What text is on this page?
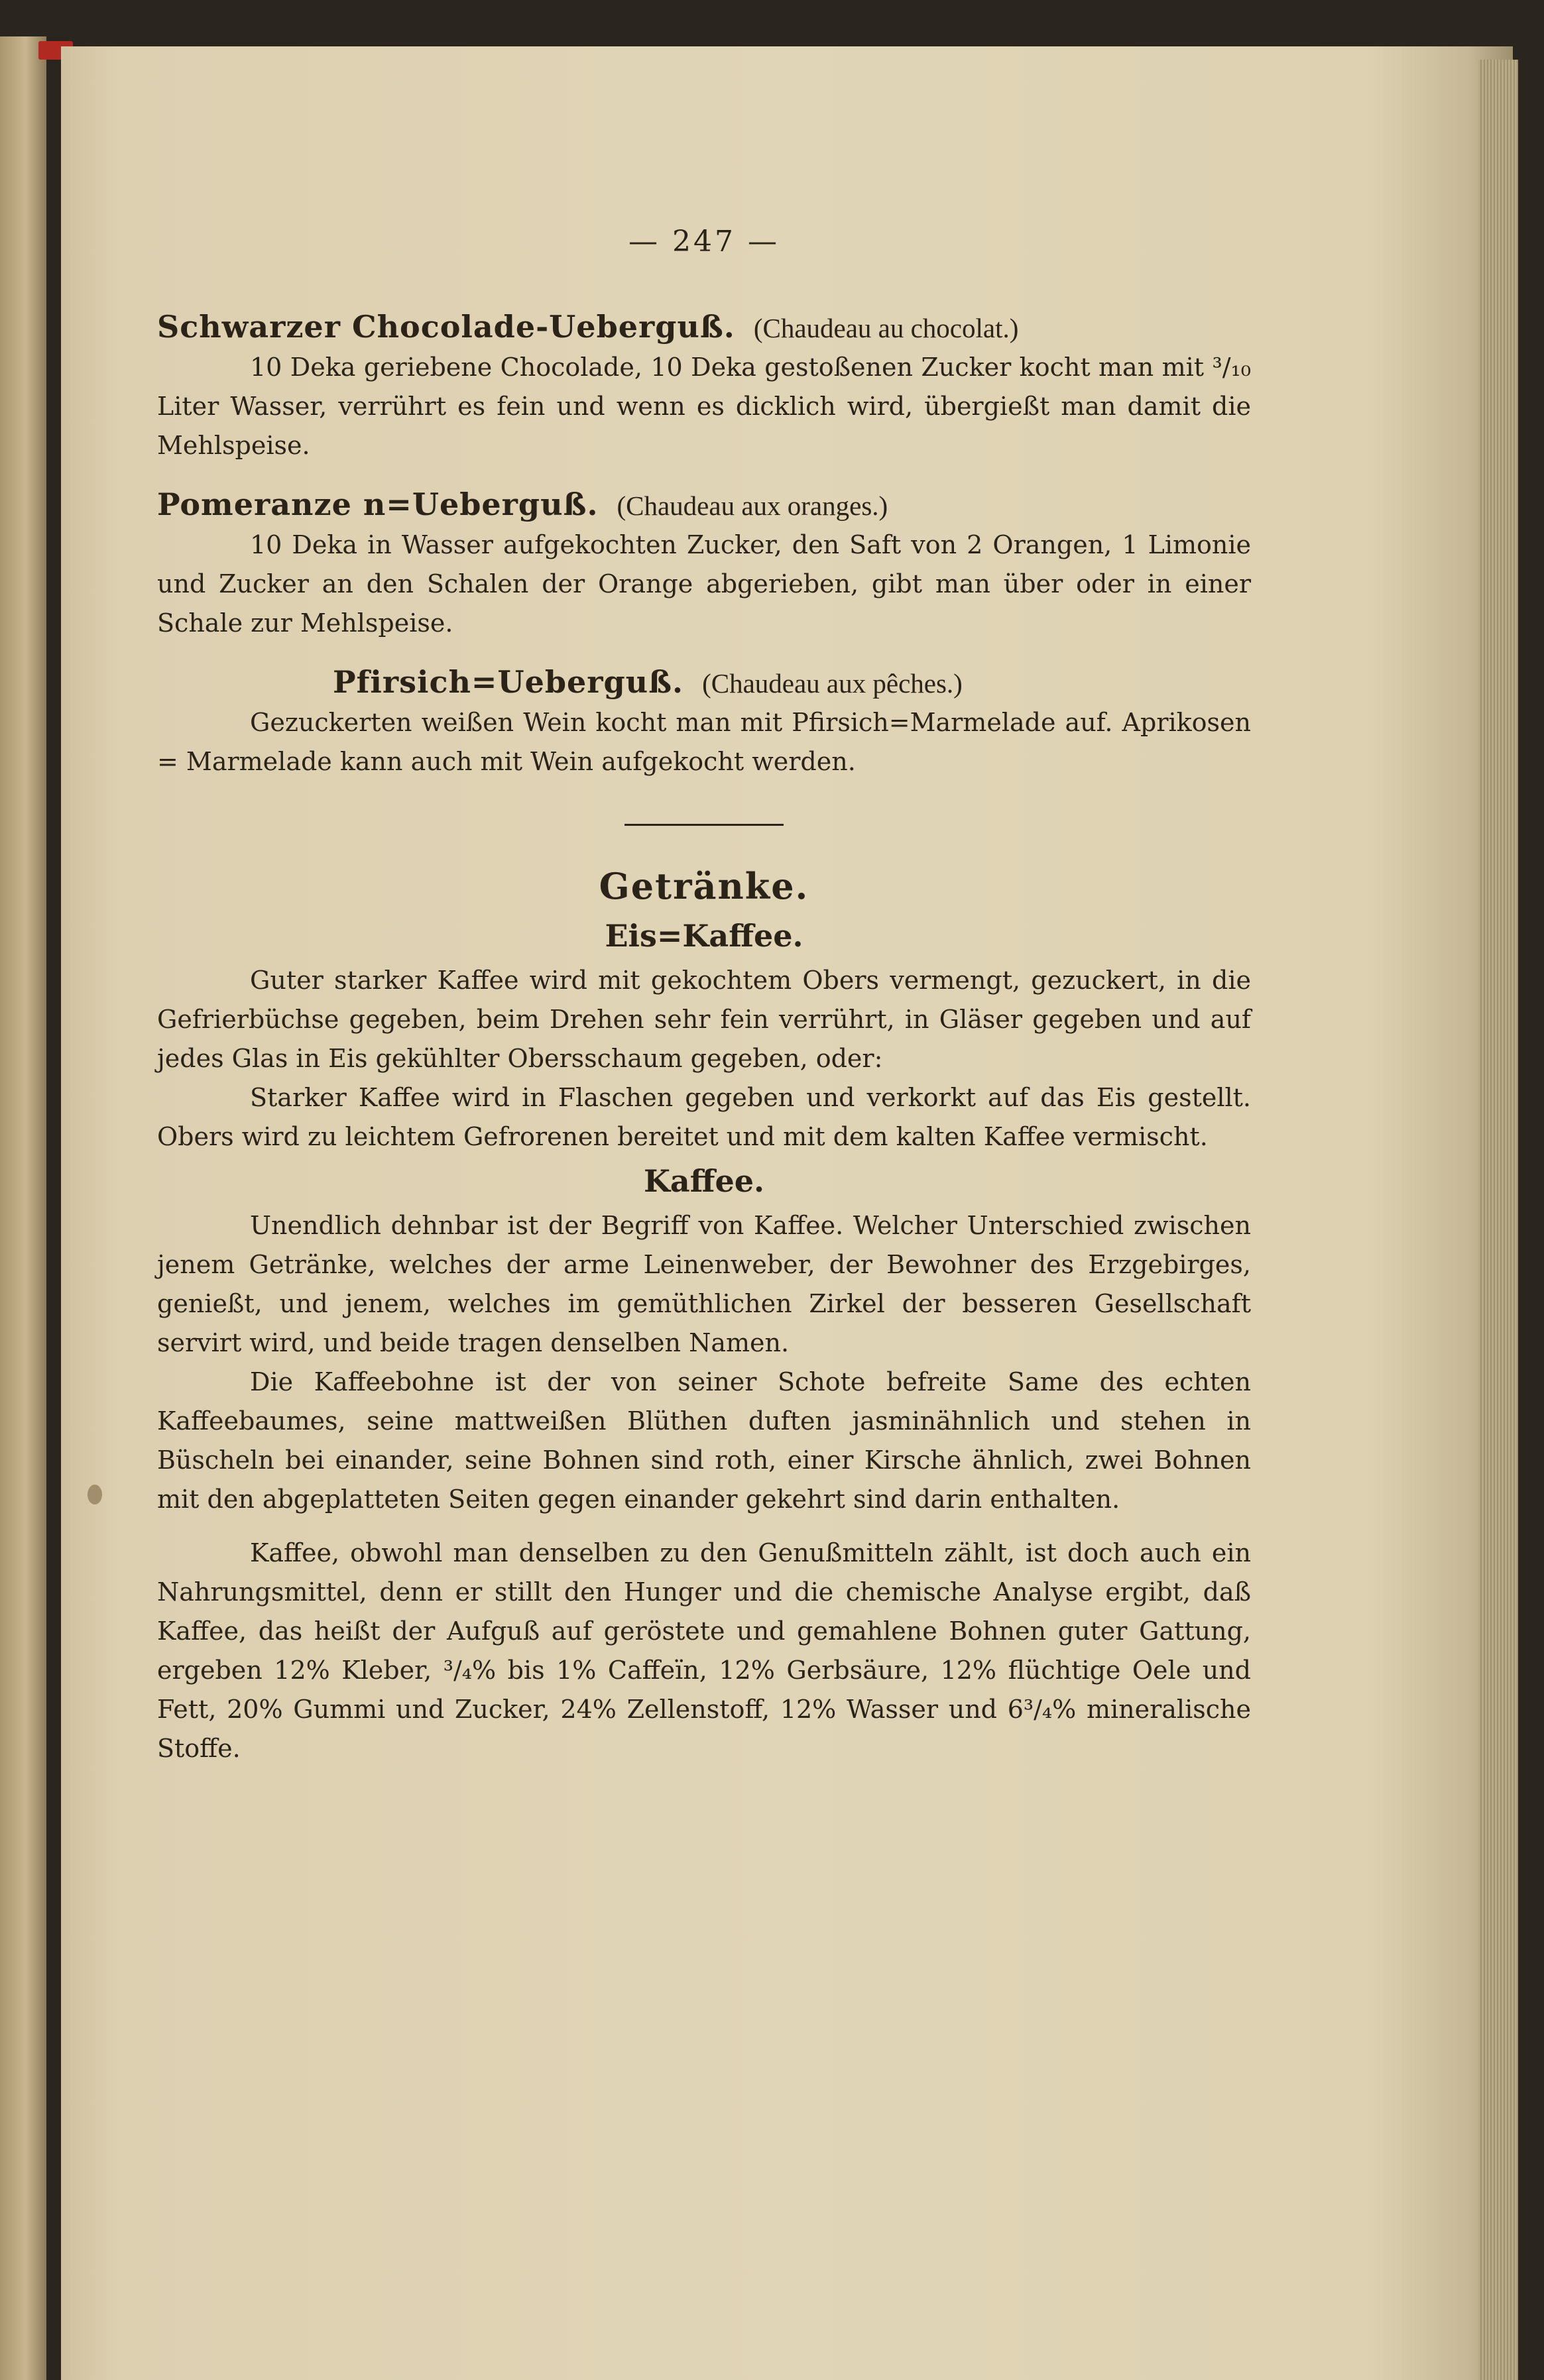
— 247 —
Schwarzer Chocolade-Ueberguß. (Chaudeau au chocolat.)

10 Deka geriebene Chocolade, 10 Deka gestoßenen Zucker kocht man mit ³/₁₀ Liter Wasser, verrührt es fein und wenn es dicklich wird, übergießt man damit die Mehlspeise.

Pomeranze n=Ueberguß. (Chaudeau aux oranges.)

10 Deka in Wasser aufgekochten Zucker, den Saft von 2 Orangen, 1 Limonie und Zucker an den Schalen der Orange abgerieben, gibt man über oder in einer Schale zur Mehlspeise.

Pfirsich=Ueberguß. (Chaudeau aux pêches.)

Gezuckerten weißen Wein kocht man mit Pfirsich=Marmelade auf. Aprikosen = Marmelade kann auch mit Wein aufgekocht werden.

Getränke.
Eis=Kaffee.

Guter starker Kaffee wird mit gekochtem Obers vermengt, gezuckert, in die Gefrierbüchse gegeben, beim Drehen sehr fein verrührt, in Gläser gegeben und auf jedes Glas in Eis gekühlter Obersschaum gegeben, oder:

Starker Kaffee wird in Flaschen gegeben und verkorkt auf das Eis gestellt. Obers wird zu leichtem Gefrorenen bereitet und mit dem kalten Kaffee vermischt.

Kaffee.

Unendlich dehnbar ist der Begriff von Kaffee. Welcher Unterschied zwischen jenem Getränke, welches der arme Leinenweber, der Bewohner des Erzgebirges, genießt, und jenem, welches im gemüthlichen Zirkel der besseren Gesellschaft servirt wird, und beide tragen denselben Namen.

Die Kaffeebohne ist der von seiner Schote befreite Same des echten Kaffeebaumes, seine mattweißen Blüthen duften jasminähnlich und stehen in Büscheln bei einander, seine Bohnen sind roth, einer Kirsche ähnlich, zwei Bohnen mit den abgeplatteten Seiten gegen einander gekehrt sind darin enthalten.

Kaffee, obwohl man denselben zu den Genußmitteln zählt, ist doch auch ein Nahrungsmittel, denn er stillt den Hunger und die chemische Analyse ergibt, daß Kaffee, das heißt der Aufguß auf geröstete und gemahlene Bohnen guter Gattung, ergeben 12% Kleber, ³/₄% bis 1% Caffeïn, 12% Gerbsäure, 12% flüchtige Oele und Fett, 20% Gummi und Zucker, 24% Zellenstoff, 12% Wasser und 6³/₄% mineralische Stoffe.
